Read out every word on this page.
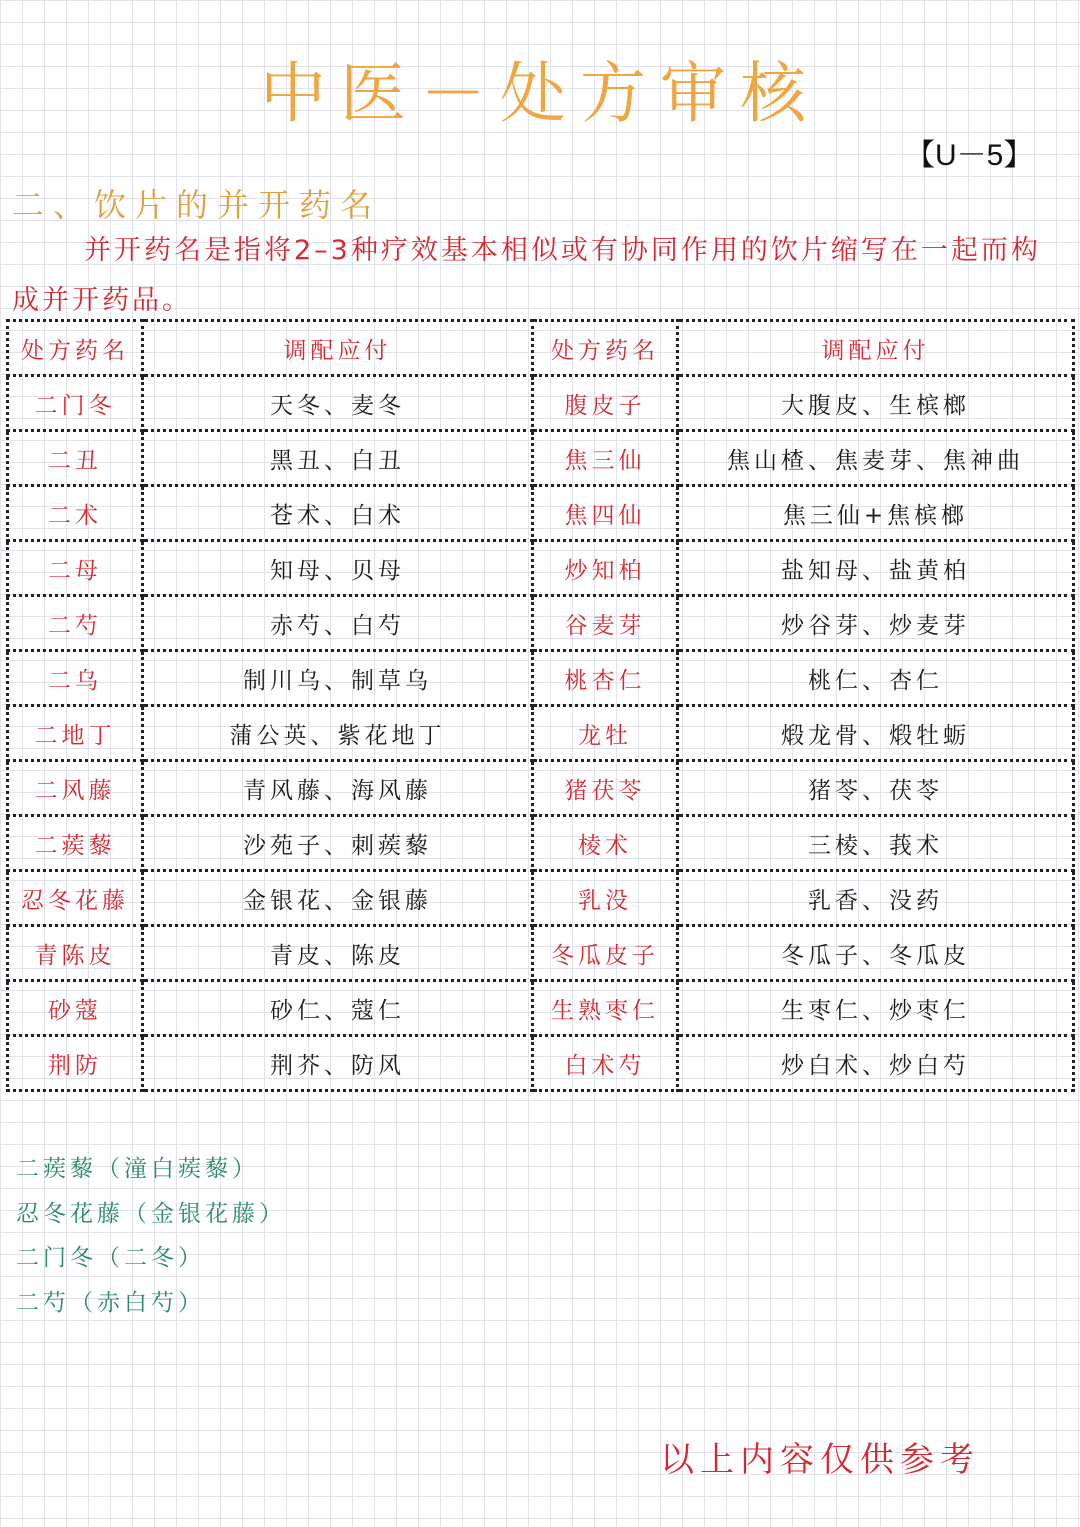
中医－处方审核
【U－5】
二、饮片的并开药名
并开药名是指将2–3种疗效基本相似或有协同作用的饮片缩写在一起而构成并开药品。
处方药名	调配应付	处方药名	调配应付
二门冬	天冬、麦冬	腹皮子	大腹皮、生槟榔
二丑	黑丑、白丑	焦三仙	焦山楂、焦麦芽、焦神曲
二术	苍术、白术	焦四仙	焦三仙+焦槟榔
二母	知母、贝母	炒知柏	盐知母、盐黄柏
二芍	赤芍、白芍	谷麦芽	炒谷芽、炒麦芽
二乌	制川乌、制草乌	桃杏仁	桃仁、杏仁
二地丁	蒲公英、紫花地丁	龙牡	煅龙骨、煅牡蛎
二风藤	青风藤、海风藤	猪茯苓	猪苓、茯苓
二蒺藜	沙苑子、刺蒺藜	棱术	三棱、莪术
忍冬花藤	金银花、金银藤	乳没	乳香、没药
青陈皮	青皮、陈皮	冬瓜皮子	冬瓜子、冬瓜皮
砂蔻	砂仁、蔻仁	生熟枣仁	生枣仁、炒枣仁
荆防	荆芥、防风	白术芍	炒白术、炒白芍
二蒺藜（潼白蒺藜）
忍冬花藤（金银花藤）
二门冬（二冬）
二芍（赤白芍）
以上内容仅供参考
